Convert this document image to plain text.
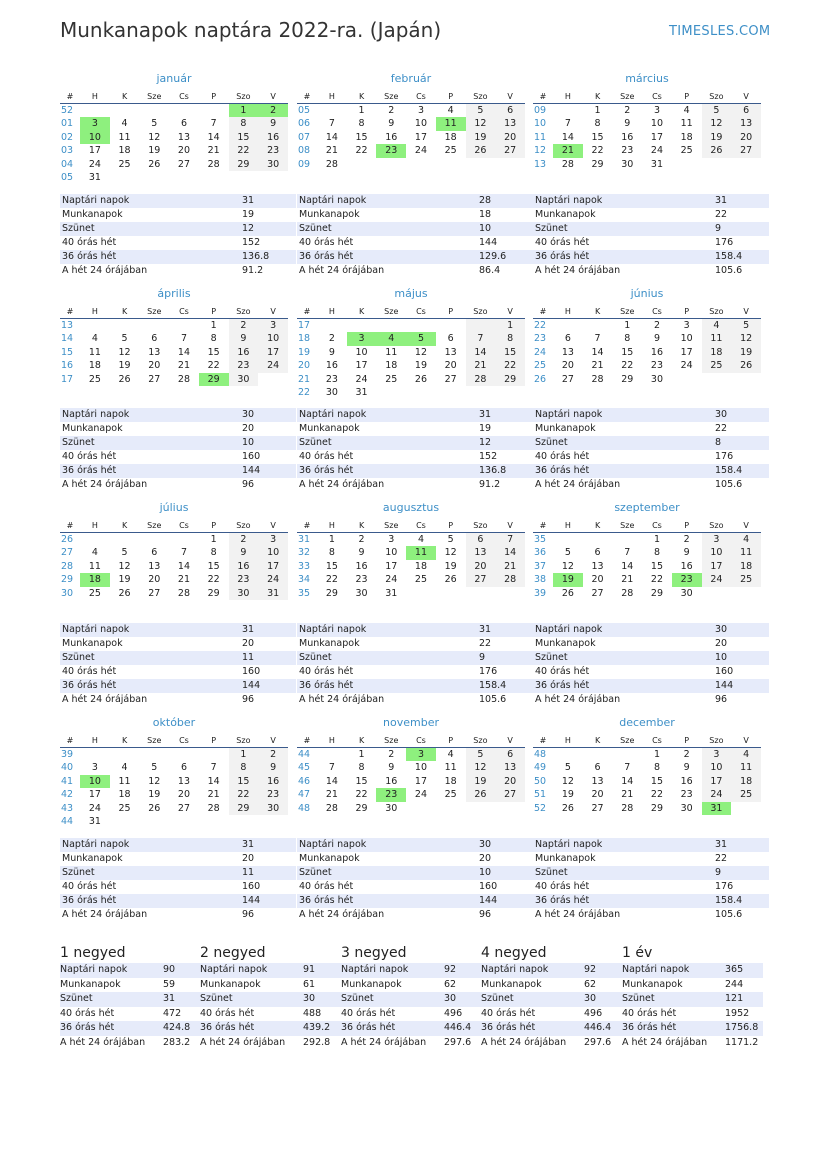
Munkanapok naptára 2022-ra. (Japán)	TIMESLES.COM
január
#	H	K	Sze	Cs	P	Szo	V
52						1	2
01	3	4	5	6	7	8	9
02	10	11	12	13	14	15	16
03	17	18	19	20	21	22	23
04	24	25	26	27	28	29	30
05	31						
Naptári napok	31
Munkanapok	19
Szünet	12
40 órás hét	152
36 órás hét	136.8
A hét 24 órájában	91.2
február
#	H	K	Sze	Cs	P	Szo	V
05		1	2	3	4	5	6
06	7	8	9	10	11	12	13
07	14	15	16	17	18	19	20
08	21	22	23	24	25	26	27
09	28						
Naptári napok	28
Munkanapok	18
Szünet	10
40 órás hét	144
36 órás hét	129.6
A hét 24 órájában	86.4
március
#	H	K	Sze	Cs	P	Szo	V
09		1	2	3	4	5	6
10	7	8	9	10	11	12	13
11	14	15	16	17	18	19	20
12	21	22	23	24	25	26	27
13	28	29	30	31			
Naptári napok	31
Munkanapok	22
Szünet	9
40 órás hét	176
36 órás hét	158.4
A hét 24 órájában	105.6
április
#	H	K	Sze	Cs	P	Szo	V
13					1	2	3
14	4	5	6	7	8	9	10
15	11	12	13	14	15	16	17
16	18	19	20	21	22	23	24
17	25	26	27	28	29	30	
Naptári napok	30
Munkanapok	20
Szünet	10
40 órás hét	160
36 órás hét	144
A hét 24 órájában	96
május
#	H	K	Sze	Cs	P	Szo	V
17							1
18	2	3	4	5	6	7	8
19	9	10	11	12	13	14	15
20	16	17	18	19	20	21	22
21	23	24	25	26	27	28	29
22	30	31					
Naptári napok	31
Munkanapok	19
Szünet	12
40 órás hét	152
36 órás hét	136.8
A hét 24 órájában	91.2
június
#	H	K	Sze	Cs	P	Szo	V
22			1	2	3	4	5
23	6	7	8	9	10	11	12
24	13	14	15	16	17	18	19
25	20	21	22	23	24	25	26
26	27	28	29	30			
Naptári napok	30
Munkanapok	22
Szünet	8
40 órás hét	176
36 órás hét	158.4
A hét 24 órájában	105.6
július
#	H	K	Sze	Cs	P	Szo	V
26					1	2	3
27	4	5	6	7	8	9	10
28	11	12	13	14	15	16	17
29	18	19	20	21	22	23	24
30	25	26	27	28	29	30	31
Naptári napok	31
Munkanapok	20
Szünet	11
40 órás hét	160
36 órás hét	144
A hét 24 órájában	96
augusztus
#	H	K	Sze	Cs	P	Szo	V
31	1	2	3	4	5	6	7
32	8	9	10	11	12	13	14
33	15	16	17	18	19	20	21
34	22	23	24	25	26	27	28
35	29	30	31				
Naptári napok	31
Munkanapok	22
Szünet	9
40 órás hét	176
36 órás hét	158.4
A hét 24 órájában	105.6
szeptember
#	H	K	Sze	Cs	P	Szo	V
35				1	2	3	4
36	5	6	7	8	9	10	11
37	12	13	14	15	16	17	18
38	19	20	21	22	23	24	25
39	26	27	28	29	30		
Naptári napok	30
Munkanapok	20
Szünet	10
40 órás hét	160
36 órás hét	144
A hét 24 órájában	96
október
#	H	K	Sze	Cs	P	Szo	V
39						1	2
40	3	4	5	6	7	8	9
41	10	11	12	13	14	15	16
42	17	18	19	20	21	22	23
43	24	25	26	27	28	29	30
44	31						
Naptári napok	31
Munkanapok	20
Szünet	11
40 órás hét	160
36 órás hét	144
A hét 24 órájában	96
november
#	H	K	Sze	Cs	P	Szo	V
44		1	2	3	4	5	6
45	7	8	9	10	11	12	13
46	14	15	16	17	18	19	20
47	21	22	23	24	25	26	27
48	28	29	30				
Naptári napok	30
Munkanapok	20
Szünet	10
40 órás hét	160
36 órás hét	144
A hét 24 órájában	96
december
#	H	K	Sze	Cs	P	Szo	V
48				1	2	3	4
49	5	6	7	8	9	10	11
50	12	13	14	15	16	17	18
51	19	20	21	22	23	24	25
52	26	27	28	29	30	31	
Naptári napok	31
Munkanapok	22
Szünet	9
40 órás hét	176
36 órás hét	158.4
A hét 24 órájában	105.6
1 negyed
Naptári napok	90
Munkanapok	59
Szünet	31
40 órás hét	472
36 órás hét	424.8
A hét 24 órájában	283.2
2 negyed
Naptári napok	91
Munkanapok	61
Szünet	30
40 órás hét	488
36 órás hét	439.2
A hét 24 órájában	292.8
3 negyed
Naptári napok	92
Munkanapok	62
Szünet	30
40 órás hét	496
36 órás hét	446.4
A hét 24 órájában	297.6
4 negyed
Naptári napok	92
Munkanapok	62
Szünet	30
40 órás hét	496
36 órás hét	446.4
A hét 24 órájában	297.6
1 év
Naptári napok	365
Munkanapok	244
Szünet	121
40 órás hét	1952
36 órás hét	1756.8
A hét 24 órájában	1171.2
